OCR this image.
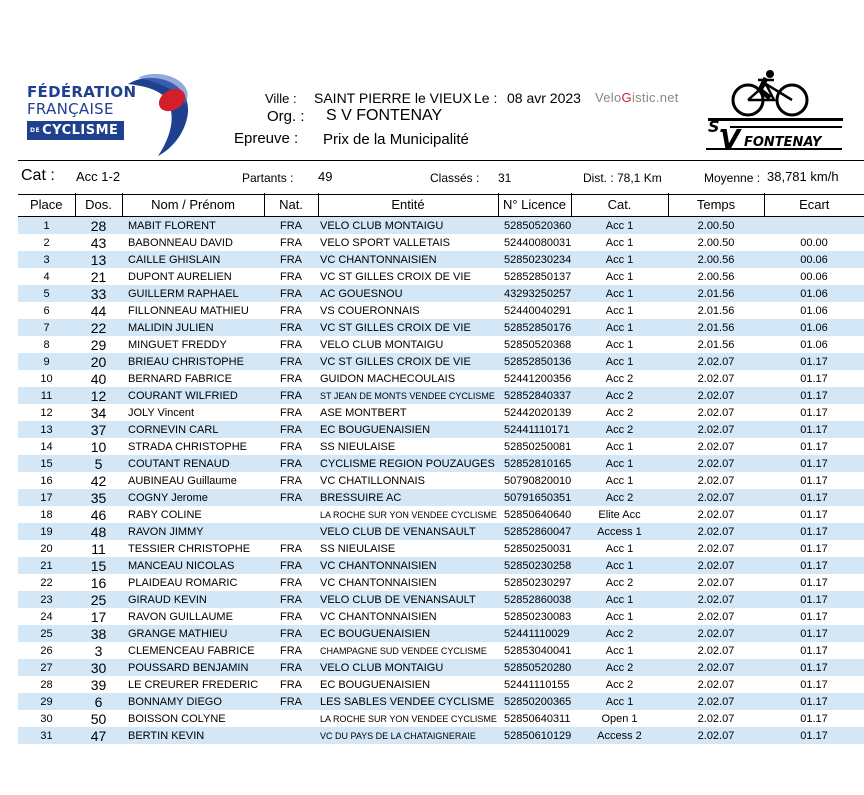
FÉDÉRATION
FRANÇAISE
DE CYCLISME
Ville : SAINT PIERRE le VIEUX Le : 08 avr 2023 VeloGistic.net
Org. : S V FONTENAY
Epreuve : Prix de la Municipalité
S.
V FONTENAY
Cat : Acc 1-2	Partants : 49	Classés : 31	Dist. : 78,1 Km	Moyenne : 38,781 km/h
Place	Dos.	Nom / Prénom	Nat.	Entité	N° Licence	Cat.	Temps	Ecart
1	28	MABIT FLORENT	FRA	VELO CLUB MONTAIGU	52850520360	Acc 1	2.00.50	
2	43	BABONNEAU DAVID	FRA	VELO SPORT VALLETAIS	52440080031	Acc 1	2.00.50	00.00
3	13	CAILLE GHISLAIN	FRA	VC CHANTONNAISIEN	52850230234	Acc 1	2.00.56	00.06
4	21	DUPONT AURELIEN	FRA	VC ST GILLES CROIX DE VIE	52852850137	Acc 1	2.00.56	00.06
5	33	GUILLERM RAPHAEL	FRA	AC GOUESNOU	43293250257	Acc 1	2.01.56	01.06
6	44	FILLONNEAU MATHIEU	FRA	VS COUERONNAIS	52440040291	Acc 1	2.01.56	01.06
7	22	MALIDIN JULIEN	FRA	VC ST GILLES CROIX DE VIE	52852850176	Acc 1	2.01.56	01.06
8	29	MINGUET FREDDY	FRA	VELO CLUB MONTAIGU	52850520368	Acc 1	2.01.56	01.06
9	20	BRIEAU CHRISTOPHE	FRA	VC ST GILLES CROIX DE VIE	52852850136	Acc 1	2.02.07	01.17
10	40	BERNARD FABRICE	FRA	GUIDON MACHECOULAIS	52441200356	Acc 2	2.02.07	01.17
11	12	COURANT WILFRIED	FRA	ST JEAN DE MONTS VENDEE CYCLISME	52852840337	Acc 2	2.02.07	01.17
12	34	JOLY Vincent	FRA	ASE MONTBERT	52442020139	Acc 2	2.02.07	01.17
13	37	CORNEVIN CARL	FRA	EC BOUGUENAISIEN	52441110171	Acc 2	2.02.07	01.17
14	10	STRADA CHRISTOPHE	FRA	SS NIEULAISE	52850250081	Acc 1	2.02.07	01.17
15	5	COUTANT RENAUD	FRA	CYCLISME REGION POUZAUGES	52852810165	Acc 1	2.02.07	01.17
16	42	AUBINEAU Guillaume	FRA	VC CHATILLONNAIS	50790820010	Acc 1	2.02.07	01.17
17	35	COGNY Jerome	FRA	BRESSUIRE AC	50791650351	Acc 2	2.02.07	01.17
18	46	RABY COLINE		LA ROCHE SUR YON VENDEE CYCLISME	52850640640	Elite Acc	2.02.07	01.17
19	48	RAVON JIMMY		VELO CLUB DE VENANSAULT	52852860047	Access 1	2.02.07	01.17
20	11	TESSIER CHRISTOPHE	FRA	SS NIEULAISE	52850250031	Acc 1	2.02.07	01.17
21	15	MANCEAU NICOLAS	FRA	VC CHANTONNAISIEN	52850230258	Acc 1	2.02.07	01.17
22	16	PLAIDEAU ROMARIC	FRA	VC CHANTONNAISIEN	52850230297	Acc 2	2.02.07	01.17
23	25	GIRAUD KEVIN	FRA	VELO CLUB DE VENANSAULT	52852860038	Acc 1	2.02.07	01.17
24	17	RAVON GUILLAUME	FRA	VC CHANTONNAISIEN	52850230083	Acc 1	2.02.07	01.17
25	38	GRANGE MATHIEU	FRA	EC BOUGUENAISIEN	52441110029	Acc 2	2.02.07	01.17
26	3	CLEMENCEAU FABRICE	FRA	CHAMPAGNE SUD VENDEE CYCLISME	52853040041	Acc 1	2.02.07	01.17
27	30	POUSSARD BENJAMIN	FRA	VELO CLUB MONTAIGU	52850520280	Acc 2	2.02.07	01.17
28	39	LE CREURER FREDERIC	FRA	EC BOUGUENAISIEN	52441110155	Acc 2	2.02.07	01.17
29	6	BONNAMY DIEGO	FRA	LES SABLES VENDEE CYCLISME	52850200365	Acc 1	2.02.07	01.17
30	50	BOISSON COLYNE		LA ROCHE SUR YON VENDEE CYCLISME	52850640311	Open 1	2.02.07	01.17
31	47	BERTIN KEVIN		VC DU PAYS DE LA CHATAIGNERAIE	52850610129	Access 2	2.02.07	01.17
